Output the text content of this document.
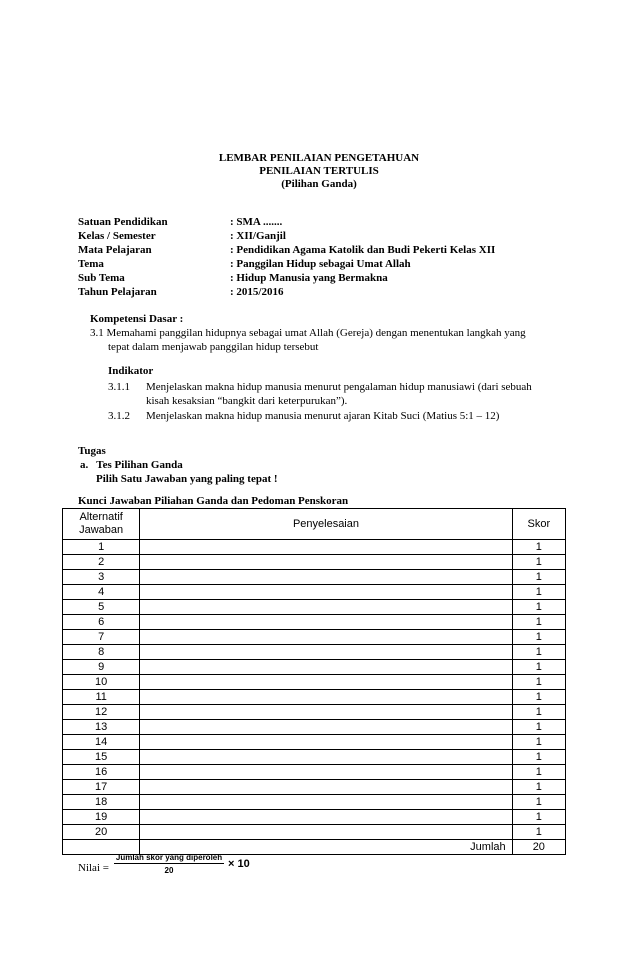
LEMBAR PENILAIAN PENGETAHUAN
PENILAIAN TERTULIS
(Pilihan Ganda)
Satuan Pendidikan	: SMA .......
Kelas / Semester	: XII/Ganjil
Mata Pelajaran	: Pendidikan Agama Katolik dan Budi Pekerti Kelas XII
Tema	: Panggilan Hidup sebagai Umat Allah
Sub Tema	: Hidup Manusia yang Bermakna
Tahun Pelajaran	: 2015/2016
Kompetensi Dasar :
3.1 Memahami panggilan hidupnya sebagai umat Allah (Gereja) dengan menentukan langkah yang
tepat dalam menjawab panggilan hidup tersebut
Indikator
3.1.1 Menjelaskan makna hidup manusia menurut pengalaman hidup manusiawi (dari sebuah
kisah kesaksian “bangkit dari keterpurukan”).
3.1.2 Menjelaskan makna hidup manusia menurut ajaran Kitab Suci (Matius 5:1 – 12)
Tugas
a.   Tes Pilihan Ganda
Pilih Satu Jawaban yang paling tepat !
Kunci Jawaban Piliahan Ganda dan Pedoman Penskoran
Alternatif
Jawaban	Penyelesaian	Skor
1		1
2		1
3		1
4		1
5		1
6		1
7		1
8		1
9		1
10		1
11		1
12		1
13		1
14		1
15		1
16		1
17		1
18		1
19		1
20		1
	Jumlah	20
Nilai =
Jumlah skor yang diperoleh
20
× 10
